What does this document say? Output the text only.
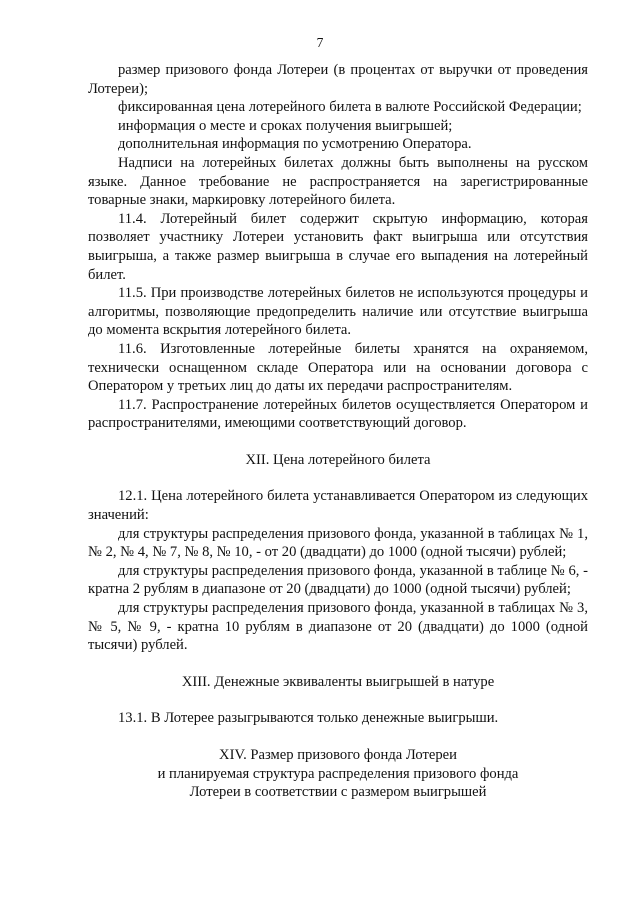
7

размер призового фонда Лотереи (в процентах от выручки от проведения Лотереи);

фиксированная цена лотерейного билета в валюте Российской Федерации;

информация о месте и сроках получения выигрышей;

дополнительная информация по усмотрению Оператора.

Надписи на лотерейных билетах должны быть выполнены на русском языке. Данное требование не распространяется на зарегистрированные товарные знаки, маркировку лотерейного билета.

11.4. Лотерейный билет содержит скрытую информацию, которая позволяет участнику Лотереи установить факт выигрыша или отсутствия выигрыша, а также размер выигрыша в случае его выпадения на лотерейный билет.

11.5. При производстве лотерейных билетов не используются процедуры и алгоритмы, позволяющие предопределить наличие или отсутствие выигрыша до момента вскрытия лотерейного билета.

11.6. Изготовленные лотерейные билеты хранятся на охраняемом, технически оснащенном складе Оператора или на основании договора с Оператором у третьих лиц до даты их передачи распространителям.

11.7. Распространение лотерейных билетов осуществляется Оператором и распространителями, имеющими соответствующий договор.

XII. Цена лотерейного билета

12.1. Цена лотерейного билета устанавливается Оператором из следующих значений:

для структуры распределения призового фонда, указанной в таблицах № 1, № 2, № 4, № 7, № 8, № 10, - от 20 (двадцати) до 1000 (одной тысячи) рублей;

для структуры распределения призового фонда, указанной в таблице № 6, - кратна 2 рублям в диапазоне от 20 (двадцати) до 1000 (одной тысячи) рублей;

для структуры распределения призового фонда, указанной в таблицах № 3, № 5, № 9, - кратна 10 рублям в диапазоне от 20 (двадцати) до 1000 (одной тысячи) рублей.

XIII. Денежные эквиваленты выигрышей в натуре

13.1. В Лотерее разыгрываются только денежные выигрыши.

XIV. Размер призового фонда Лотереи

и планируемая структура распределения призового фонда

Лотереи в соответствии с размером выигрышей
